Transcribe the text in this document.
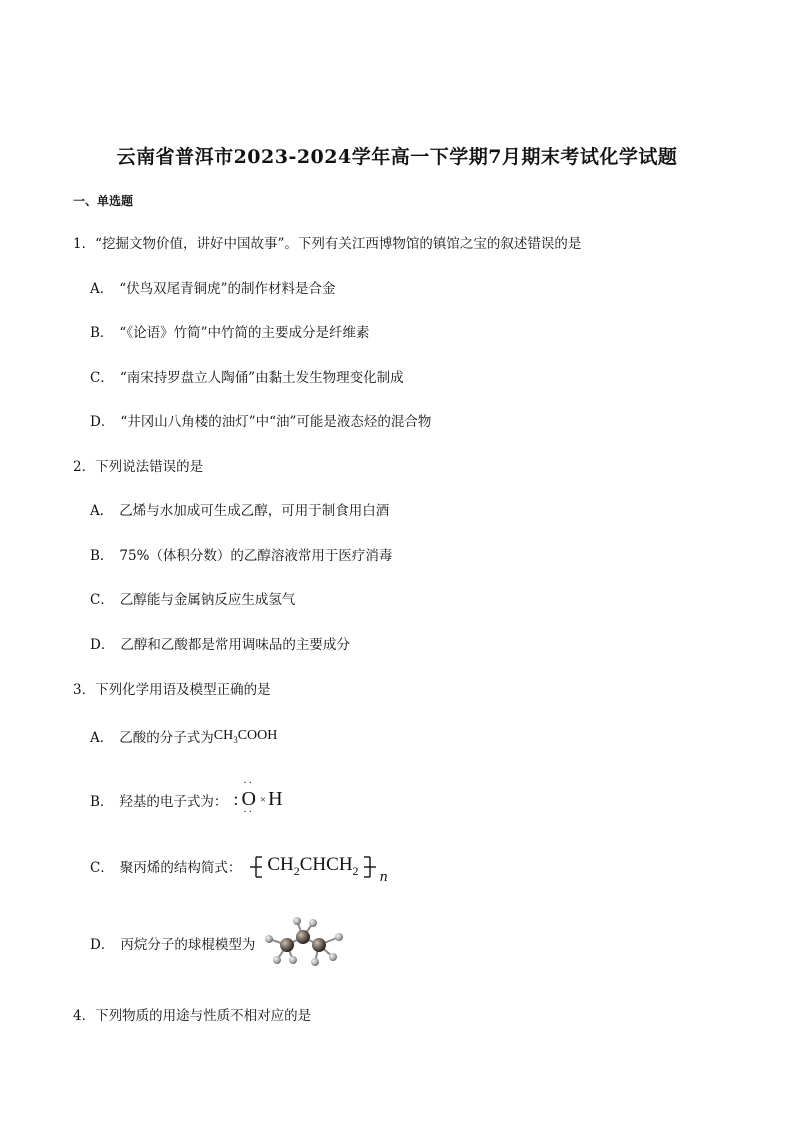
云南省普洱市2023-2024学年高一下学期7月期末考试化学试题
一、单选题
1．“挖掘文物价值，讲好中国故事”。下列有关江西博物馆的镇馆之宝的叙述错误的是
A． “伏鸟双尾青铜虎”的制作材料是合金
B． “《论语》竹简”中竹简的主要成分是纤维素
C． “南宋持罗盘立人陶俑”由黏土发生物理变化制成
D． “井冈山八角楼的油灯”中“油”可能是液态烃的混合物
2．下列说法错误的是
A． 乙烯与水加成可生成乙醇，可用于制食用白酒
B． 75%（体积分数）的乙醇溶液常用于医疗消毒
C． 乙醇能与金属钠反应生成氢气
D． 乙醇和乙酸都是常用调味品的主要成分
3．下列化学用语及模型正确的是
A． 乙酸的分子式为 $CH_3COOH$
B． 羟基的电子式为： :
··
O
··
× H
C． 聚丙烯的结构简式： $CH_2CHCH_2$ n
D． 丙烷分子的球棍模型为
4．下列物质的用途与性质不相对应的是
